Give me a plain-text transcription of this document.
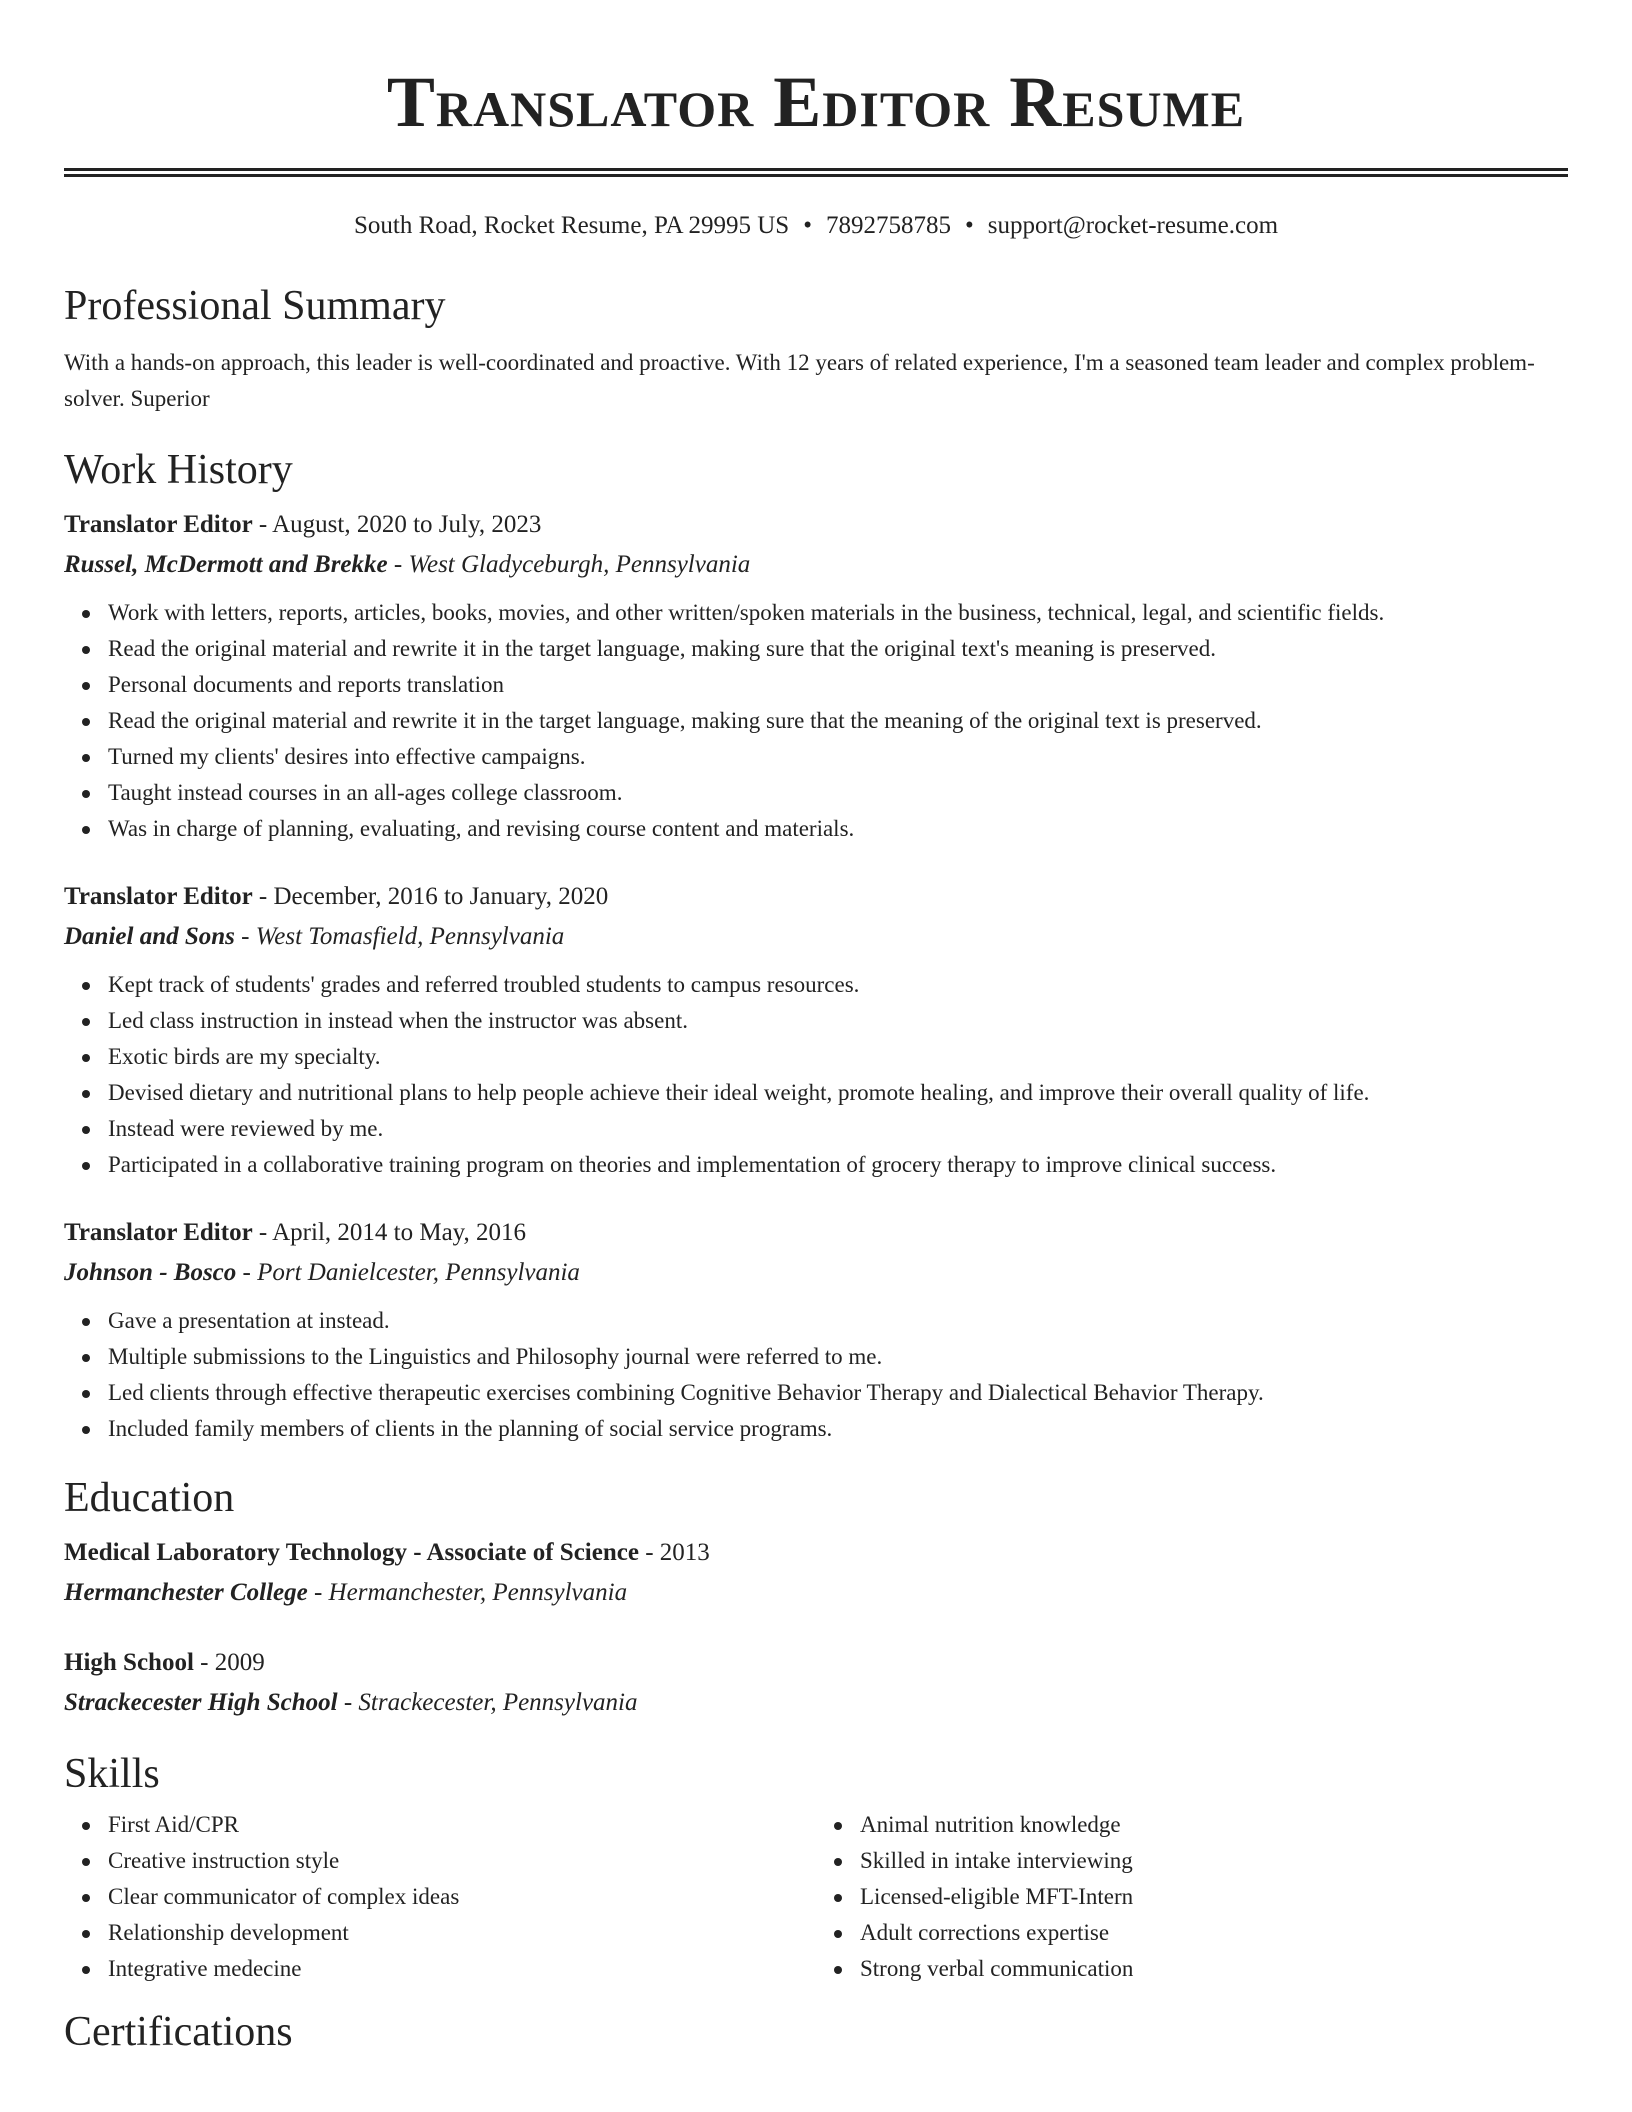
Translator Editor Resume
South Road, Rocket Resume, PA 29995 US • 7892758785 • support@rocket-resume.com
Professional Summary

With a hands-on approach, this leader is well-coordinated and proactive. With 12 years of related experience, I'm a seasoned team leader and complex problem-solver. Superior

Work History
Translator Editor - August, 2020 to July, 2023
Russel, McDermott and Brekke - West Gladyceburgh, Pennsylvania
Work with letters, reports, articles, books, movies, and other written/spoken materials in the business, technical, legal, and scientific fields.
Read the original material and rewrite it in the target language, making sure that the original text's meaning is preserved.
Personal documents and reports translation
Read the original material and rewrite it in the target language, making sure that the meaning of the original text is preserved.
Turned my clients' desires into effective campaigns.
Taught instead courses in an all-ages college classroom.
Was in charge of planning, evaluating, and revising course content and materials.
Translator Editor - December, 2016 to January, 2020
Daniel and Sons - West Tomasfield, Pennsylvania
Kept track of students' grades and referred troubled students to campus resources.
Led class instruction in instead when the instructor was absent.
Exotic birds are my specialty.
Devised dietary and nutritional plans to help people achieve their ideal weight, promote healing, and improve their overall quality of life.
Instead were reviewed by me.
Participated in a collaborative training program on theories and implementation of grocery therapy to improve clinical success.
Translator Editor - April, 2014 to May, 2016
Johnson - Bosco - Port Danielcester, Pennsylvania
Gave a presentation at instead.
Multiple submissions to the Linguistics and Philosophy journal were referred to me.
Led clients through effective therapeutic exercises combining Cognitive Behavior Therapy and Dialectical Behavior Therapy.
Included family members of clients in the planning of social service programs.
Education
Medical Laboratory Technology - Associate of Science - 2013
Hermanchester College - Hermanchester, Pennsylvania
High School - 2009
Strackecester High School - Strackecester, Pennsylvania
Skills
First Aid/CPR
Creative instruction style
Clear communicator of complex ideas
Relationship development
Integrative medecine
Animal nutrition knowledge
Skilled in intake interviewing
Licensed-eligible MFT-Intern
Adult corrections expertise
Strong verbal communication
Certifications
